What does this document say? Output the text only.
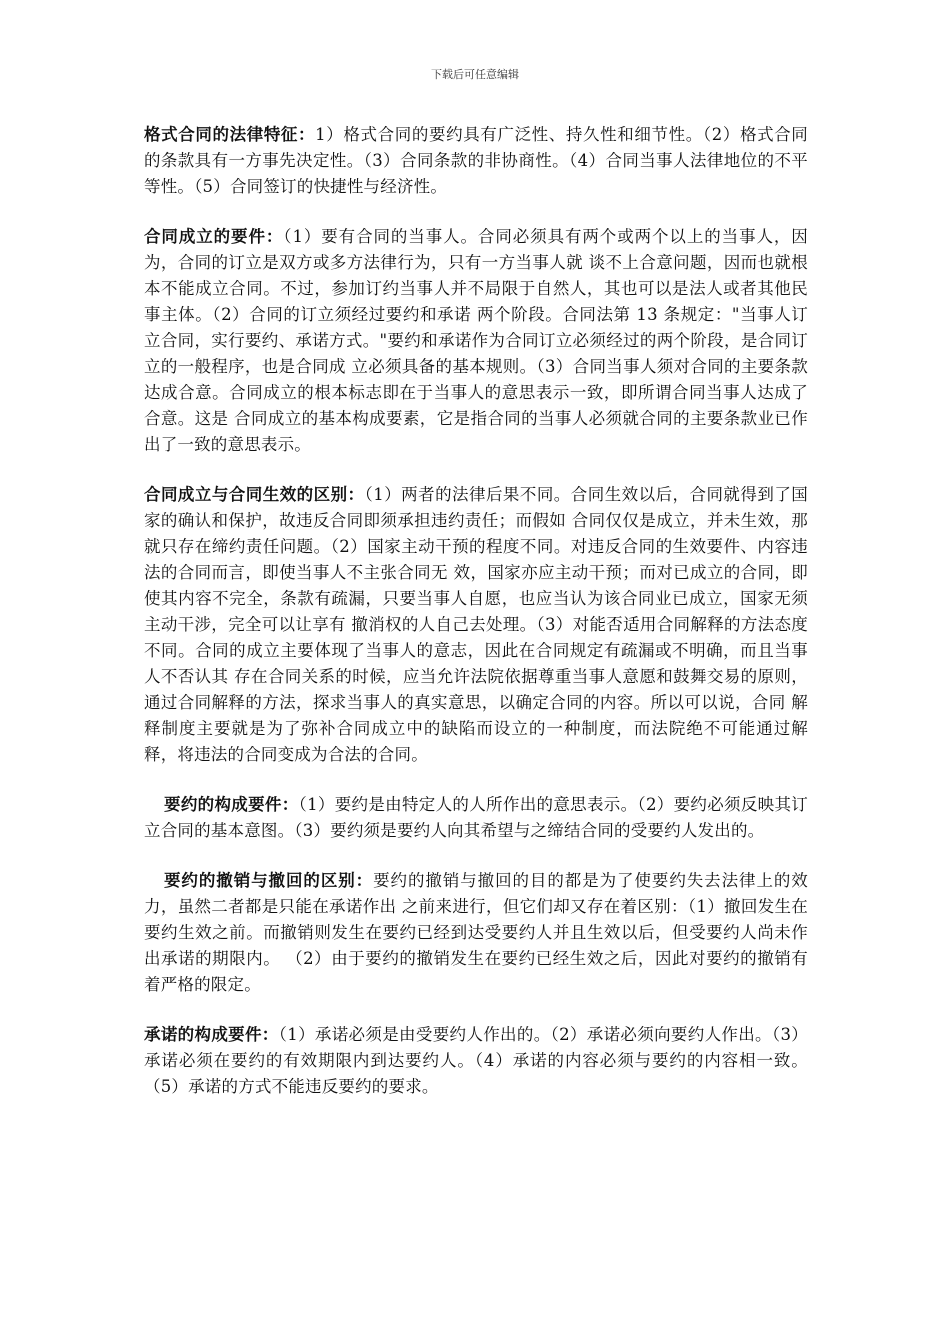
下载后可任意编辑

格式合同的法律特征：1）格式合同的要约具有广泛性、持久性和细节性。（2）格式合同的条款具有一方事先决定性。（3）合同条款的非协商性。（4）合同当事人法律地位的不平等性。（5）合同签订的快捷性与经济性。

合同成立的要件：（1）要有合同的当事人。合同必须具有两个或两个以上的当事人，因为，合同的订立是双方或多方法律行为，只有一方当事人就 谈不上合意问题，因而也就根本不能成立合同。不过，参加订约当事人并不局限于自然人，其也可以是法人或者其他民事主体。（2）合同的订立须经过要约和承诺 两个阶段。合同法第 13 条规定："当事人订立合同，实行要约、承诺方式。"要约和承诺作为合同订立必须经过的两个阶段，是合同订立的一般程序，也是合同成 立必须具备的基本规则。（3）合同当事人须对合同的主要条款达成合意。合同成立的根本标志即在于当事人的意思表示一致，即所谓合同当事人达成了合意。这是 合同成立的基本构成要素，它是指合同的当事人必须就合同的主要条款业已作出了一致的意思表示。

合同成立与合同生效的区别：（1）两者的法律后果不同。合同生效以后，合同就得到了国家的确认和保护，故违反合同即须承担违约责任；而假如 合同仅仅是成立，并未生效，那就只存在缔约责任问题。（2）国家主动干预的程度不同。对违反合同的生效要件、内容违法的合同而言，即使当事人不主张合同无 效，国家亦应主动干预；而对已成立的合同，即使其内容不完全，条款有疏漏，只要当事人自愿，也应当认为该合同业已成立，国家无须主动干涉，完全可以让享有 撤消权的人自己去处理。（3）对能否适用合同解释的方法态度不同。合同的成立主要体现了当事人的意志，因此在合同规定有疏漏或不明确，而且当事人不否认其 存在合同关系的时候，应当允许法院依据尊重当事人意愿和鼓舞交易的原则，通过合同解释的方法，探求当事人的真实意思，以确定合同的内容。所以可以说，合同 解释制度主要就是为了弥补合同成立中的缺陷而设立的一种制度，而法院绝不可能通过解释，将违法的合同变成为合法的合同。

要约的构成要件：（1）要约是由特定人的人所作出的意思表示。（2）要约必须反映其订立合同的基本意图。（3）要约须是要约人向其希望与之缔结合同的受要约人发出的。

要约的撤销与撤回的区别：要约的撤销与撤回的目的都是为了使要约失去法律上的效力，虽然二者都是只能在承诺作出 之前来进行，但它们却又存在着区别：（1）撤回发生在要约生效之前。而撤销则发生在要约已经到达受要约人并且生效以后，但受要约人尚未作出承诺的期限内。 （2）由于要约的撤销发生在要约已经生效之后，因此对要约的撤销有着严格的限定。

承诺的构成要件：（1）承诺必须是由受要约人作出的。（2）承诺必须向要约人作出。（3）承诺必须在要约的有效期限内到达要约人。（4）承诺的内容必须与要约的内容相一致。（5）承诺的方式不能违反要约的要求。
